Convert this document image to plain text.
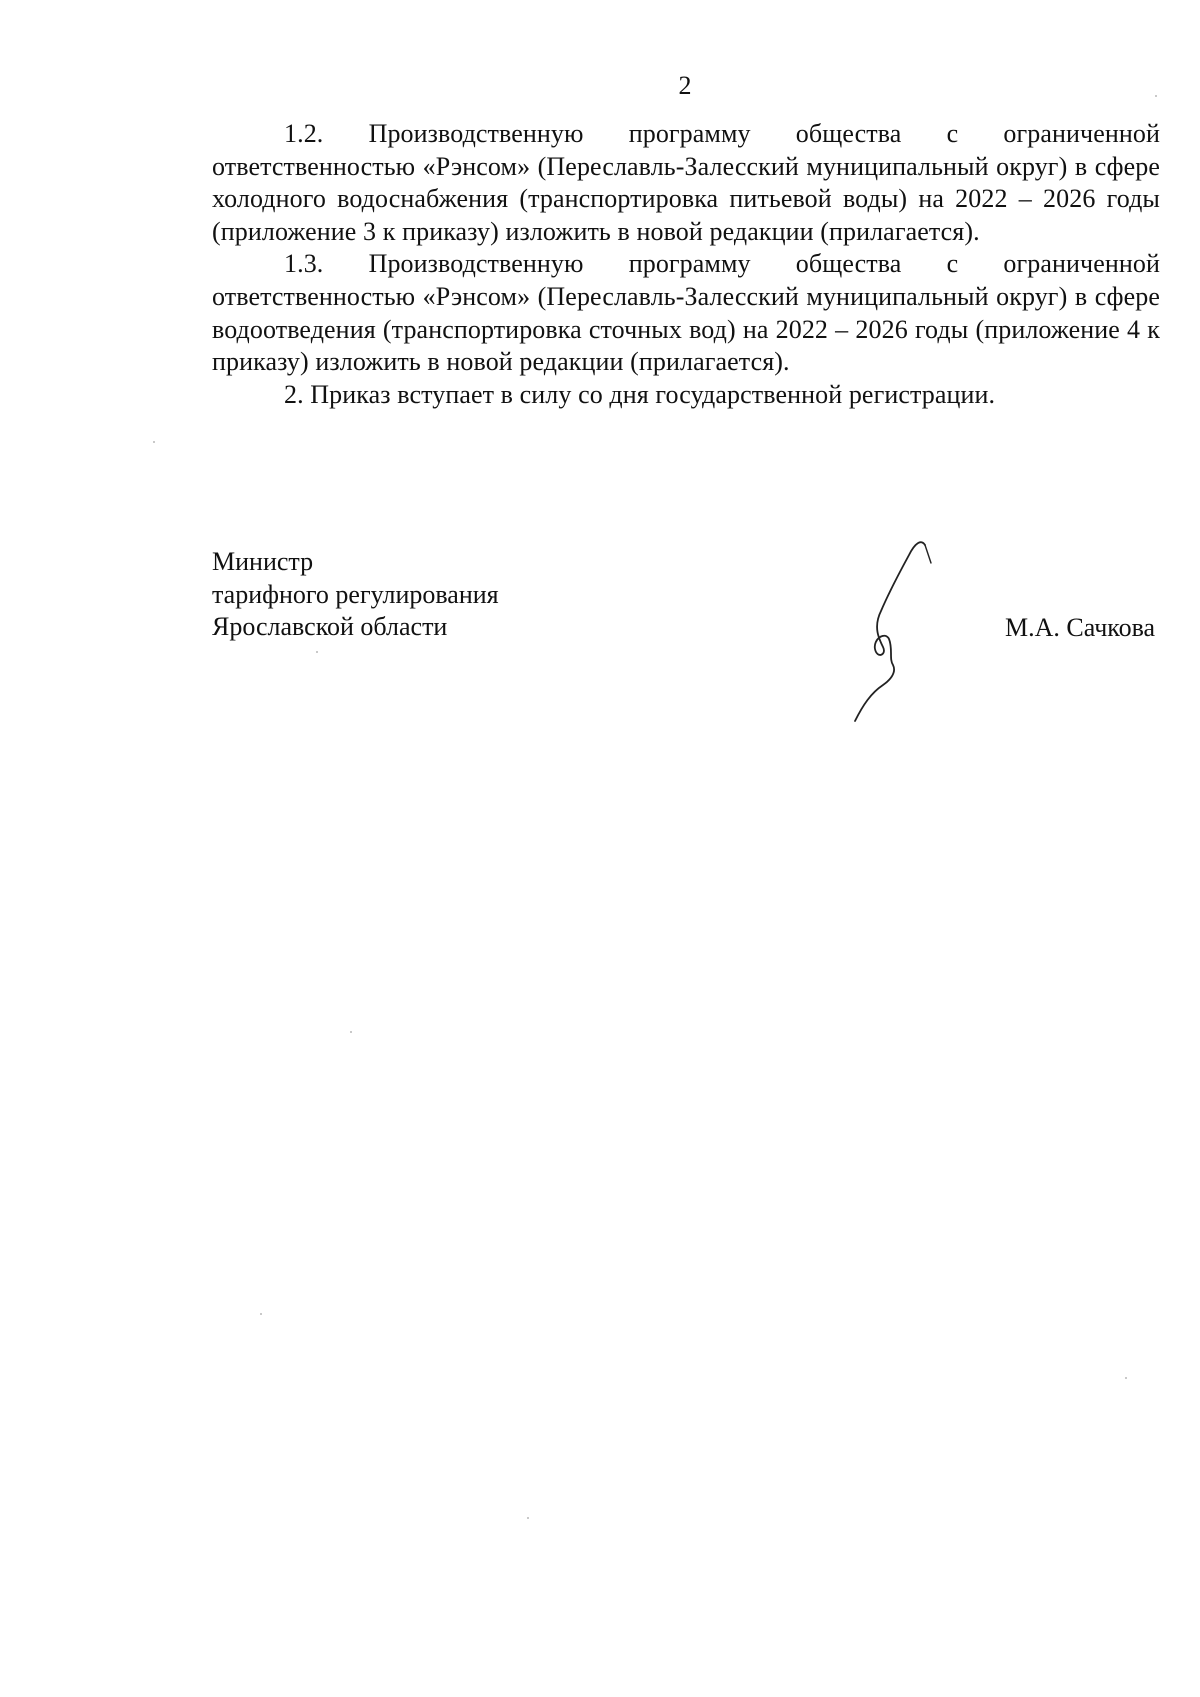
2

1.2. Производственную программу общества с ограниченной ответственностью «Рэнсом» (Переславль-Залесский муниципальный округ) в сфере холодного водоснабжения (транспортировка питьевой воды) на 2022 – 2026 годы (приложение 3 к приказу) изложить в новой редакции (прилагается).

1.3. Производственную программу общества с ограниченной ответственностью «Рэнсом» (Переславль-Залесский муниципальный округ) в сфере водоотведения (транспортировка сточных вод) на 2022 – 2026 годы (приложение 4 к приказу) изложить в новой редакции (прилагается).

2. Приказ вступает в силу со дня государственной регистрации.

Министр
тарифного регулирования
Ярославской области	М.А. Сачкова
